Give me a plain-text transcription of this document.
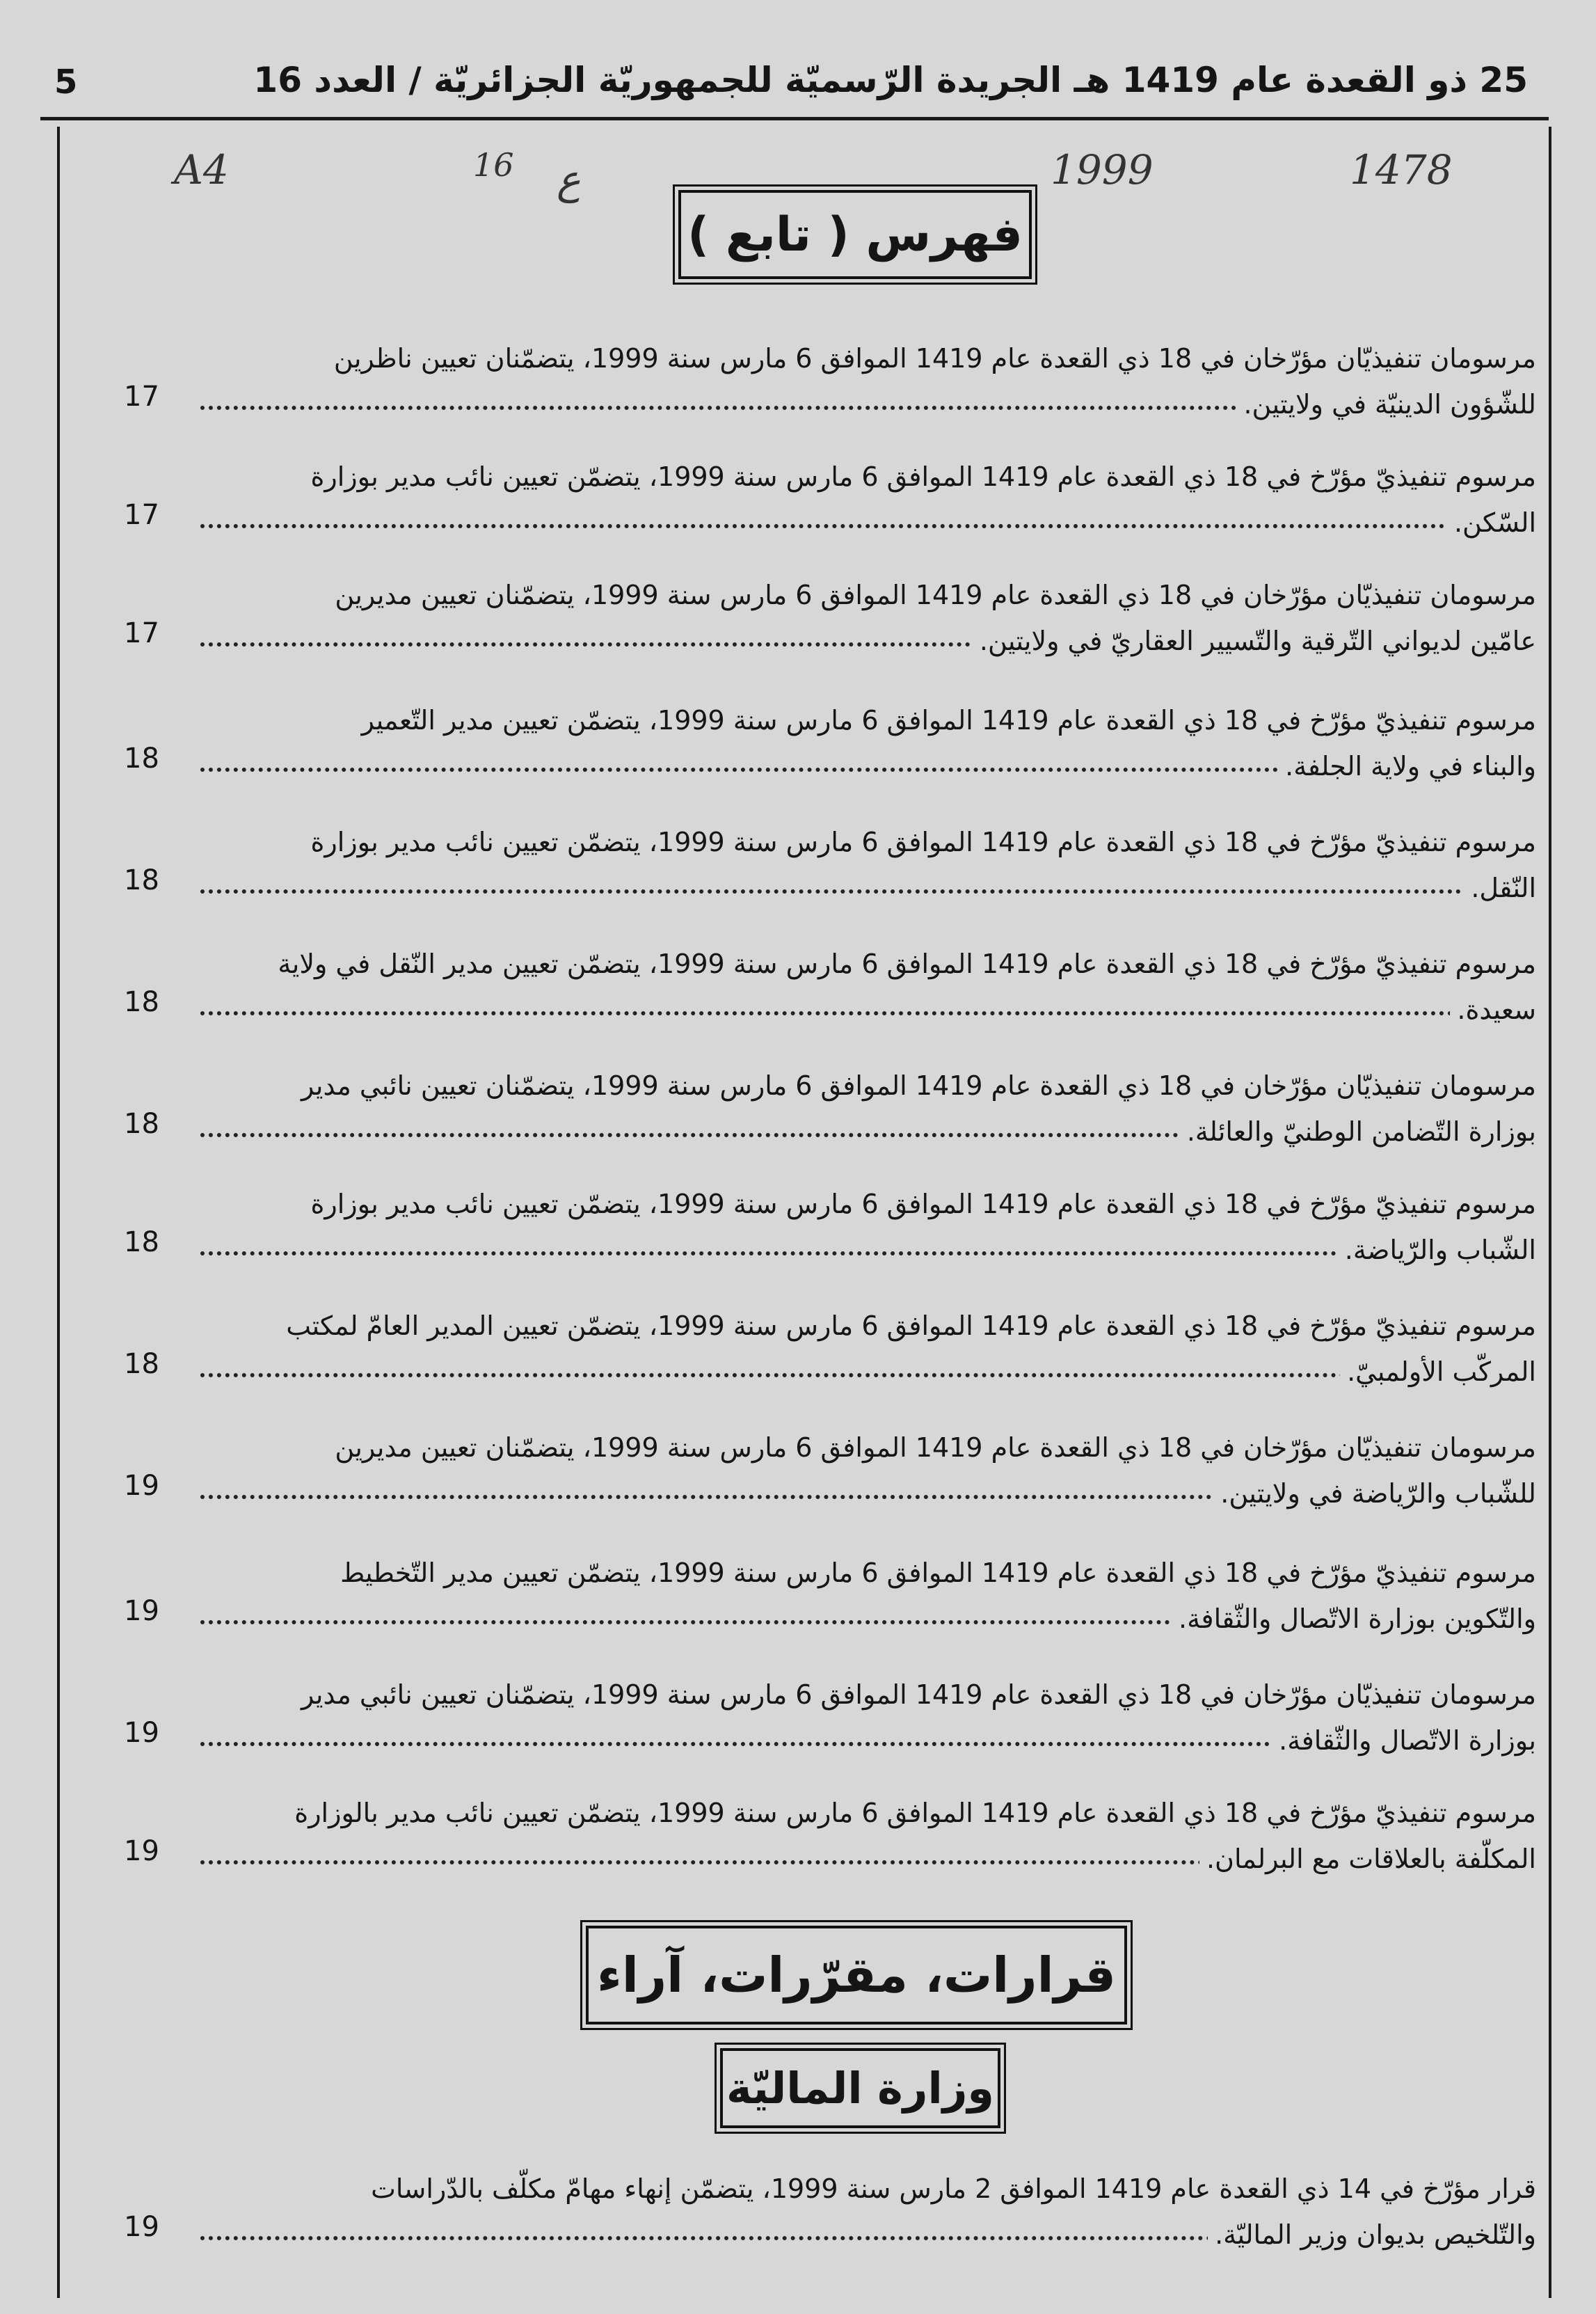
5	25 ذو القعدة عام 1419 هـ الجريدة الرّسميّة للجمهوريّة الجزائريّة / العدد 16
A4	16 ع	1999	1478
فهرس ( تابع )
مرسومان تنفيذيّان مؤرّخان في 18 ذي القعدة عام 1419 الموافق 6 مارس سنة 1999، يتضمّنان تعيين ناظرين
للشّؤون الدينيّة في ولايتين.
17
مرسوم تنفيذيّ مؤرّخ في 18 ذي القعدة عام 1419 الموافق 6 مارس سنة 1999، يتضمّن تعيين نائب مدير بوزارة
السّكن.
17
مرسومان تنفيذيّان مؤرّخان في 18 ذي القعدة عام 1419 الموافق 6 مارس سنة 1999، يتضمّنان تعيين مديرين
عامّين لديواني التّرقية والتّسيير العقاريّ في ولايتين.
17
مرسوم تنفيذيّ مؤرّخ في 18 ذي القعدة عام 1419 الموافق 6 مارس سنة 1999، يتضمّن تعيين مدير التّعمير
والبناء في ولاية الجلفة.
18
مرسوم تنفيذيّ مؤرّخ في 18 ذي القعدة عام 1419 الموافق 6 مارس سنة 1999، يتضمّن تعيين نائب مدير بوزارة
النّقل.
18
مرسوم تنفيذيّ مؤرّخ في 18 ذي القعدة عام 1419 الموافق 6 مارس سنة 1999، يتضمّن تعيين مدير النّقل في ولاية
سعيدة.
18
مرسومان تنفيذيّان مؤرّخان في 18 ذي القعدة عام 1419 الموافق 6 مارس سنة 1999، يتضمّنان تعيين نائبي مدير
بوزارة التّضامن الوطنيّ والعائلة.
18
مرسوم تنفيذيّ مؤرّخ في 18 ذي القعدة عام 1419 الموافق 6 مارس سنة 1999، يتضمّن تعيين نائب مدير بوزارة
الشّباب والرّياضة.
18
مرسوم تنفيذيّ مؤرّخ في 18 ذي القعدة عام 1419 الموافق 6 مارس سنة 1999، يتضمّن تعيين المدير العامّ لمكتب
المركّب الأولمبيّ.
18
مرسومان تنفيذيّان مؤرّخان في 18 ذي القعدة عام 1419 الموافق 6 مارس سنة 1999، يتضمّنان تعيين مديرين
للشّباب والرّياضة في ولايتين.
19
مرسوم تنفيذيّ مؤرّخ في 18 ذي القعدة عام 1419 الموافق 6 مارس سنة 1999، يتضمّن تعيين مدير التّخطيط
والتّكوين بوزارة الاتّصال والثّقافة.
19
مرسومان تنفيذيّان مؤرّخان في 18 ذي القعدة عام 1419 الموافق 6 مارس سنة 1999، يتضمّنان تعيين نائبي مدير
بوزارة الاتّصال والثّقافة.
19
مرسوم تنفيذيّ مؤرّخ في 18 ذي القعدة عام 1419 الموافق 6 مارس سنة 1999، يتضمّن تعيين نائب مدير بالوزارة
المكلّفة بالعلاقات مع البرلمان.
19
قرارات، مقرّرات، آراء
وزارة الماليّة
قرار مؤرّخ في 14 ذي القعدة عام 1419 الموافق 2 مارس سنة 1999، يتضمّن إنهاء مهامّ مكلّف بالدّراسات
والتّلخيص بديوان وزير الماليّة.
19
